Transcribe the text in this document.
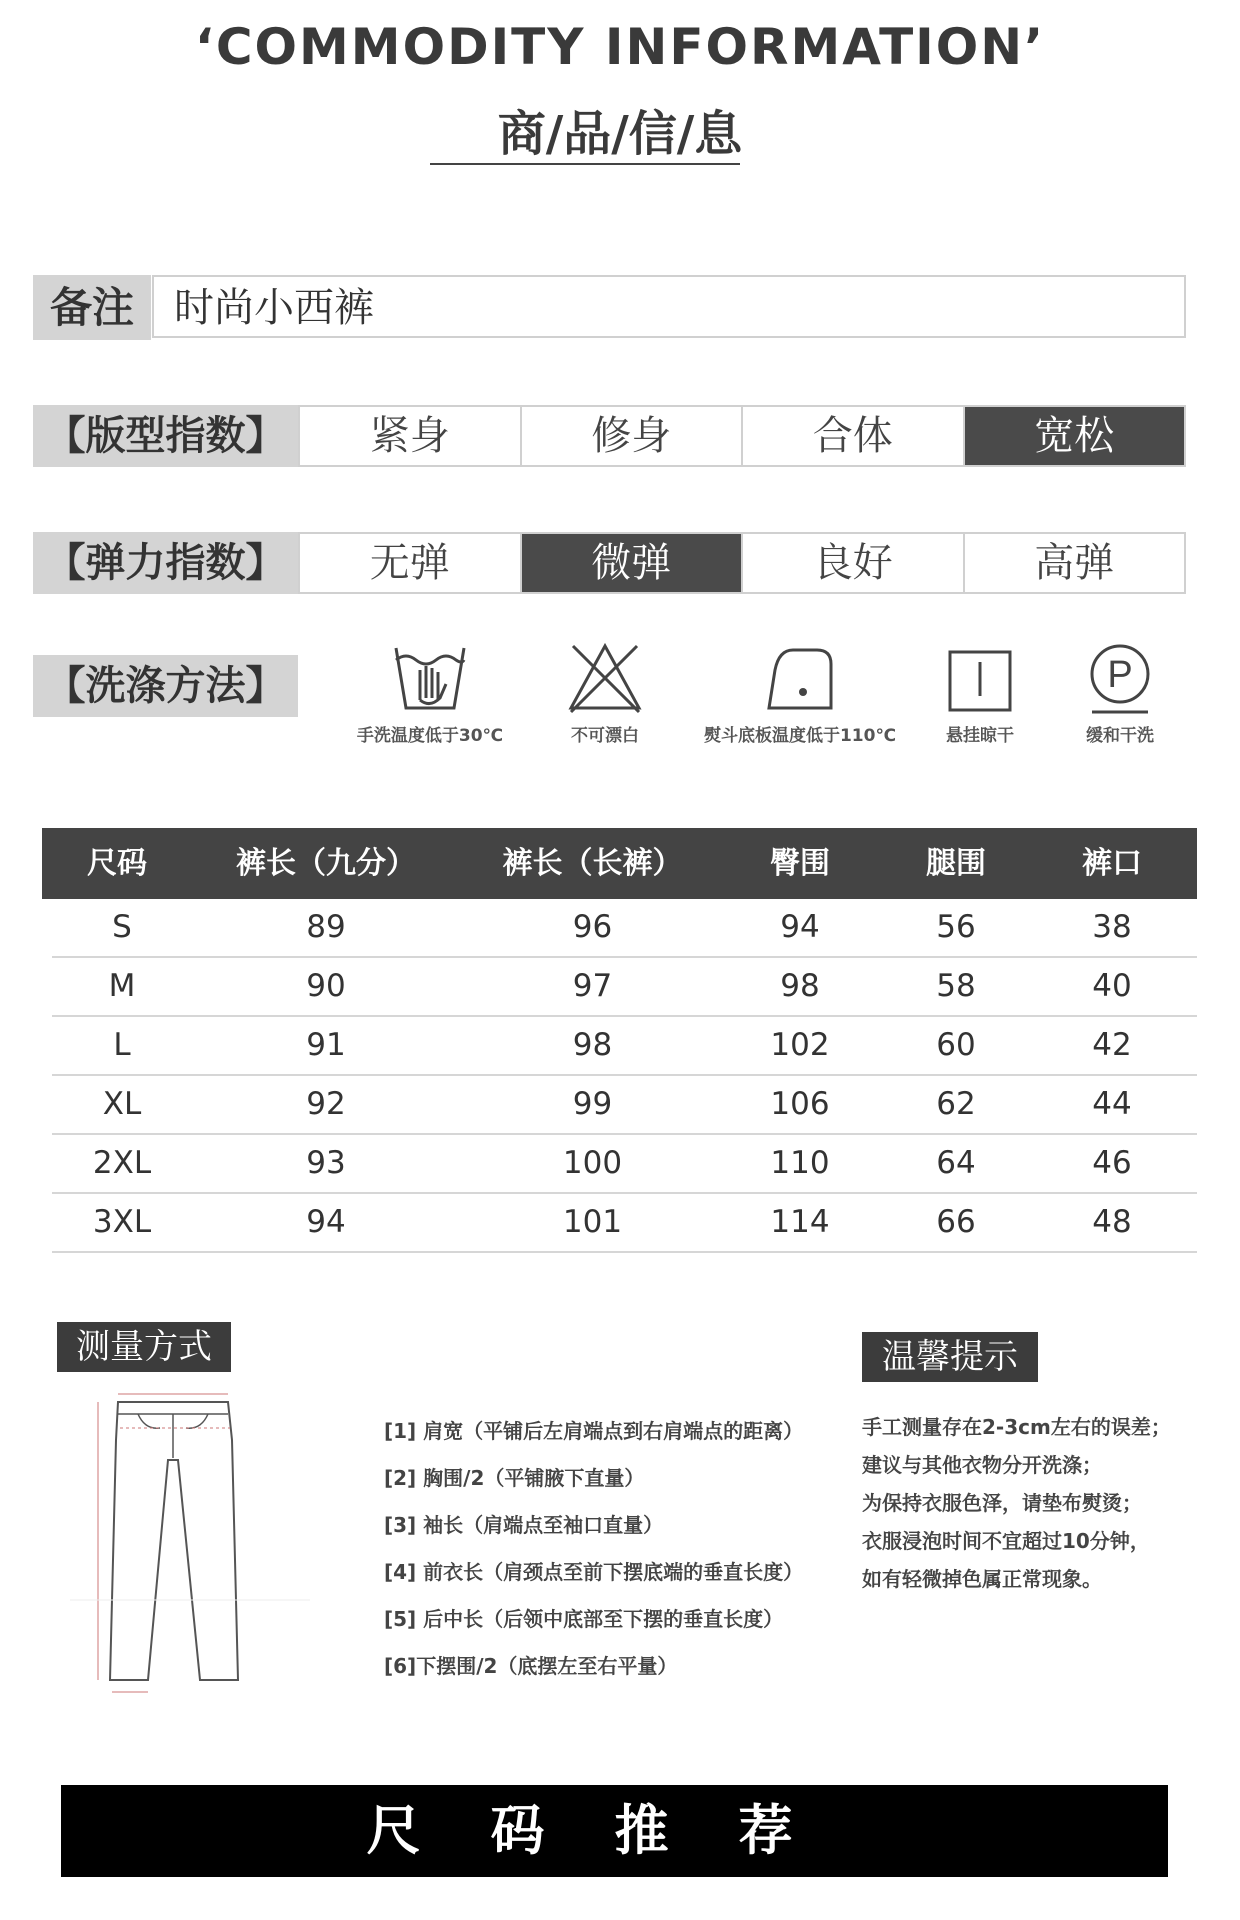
‘COMMODITY INFORMATION’
商/品/信/息
备注	时尚小西裤
【版型指数】	紧身	修身	合体	宽松
【弹力指数】	无弹	微弹	良好	高弹
【洗涤方法】
手洗温度低于30℃	不可漂白	熨斗底板温度低于110℃	悬挂晾干
P
缓和干洗
尺码	裤长（九分）	裤长（长裤）	臀围	腿围	裤口
S	89	96	94	56	38
M	90	97	98	58	40
L	91	98	102	60	42
XL	92	99	106	62	44
2XL	93	100	110	64	46
3XL	94	101	114	66	48
测量方式
[1] 肩宽（平铺后左肩端点到右肩端点的距离）
[2] 胸围/2（平铺腋下直量）
[3] 袖长（肩端点至袖口直量）
[4] 前衣长（肩颈点至前下摆底端的垂直长度）
[5] 后中长（后领中底部至下摆的垂直长度）
[6]下摆围/2（底摆左至右平量）
温馨提示
手工测量存在2-3cm左右的误差；
建议与其他衣物分开洗涤；
为保持衣服色泽，请垫布熨烫；
衣服浸泡时间不宜超过10分钟，
如有轻微掉色属正常现象。
尺码推荐
